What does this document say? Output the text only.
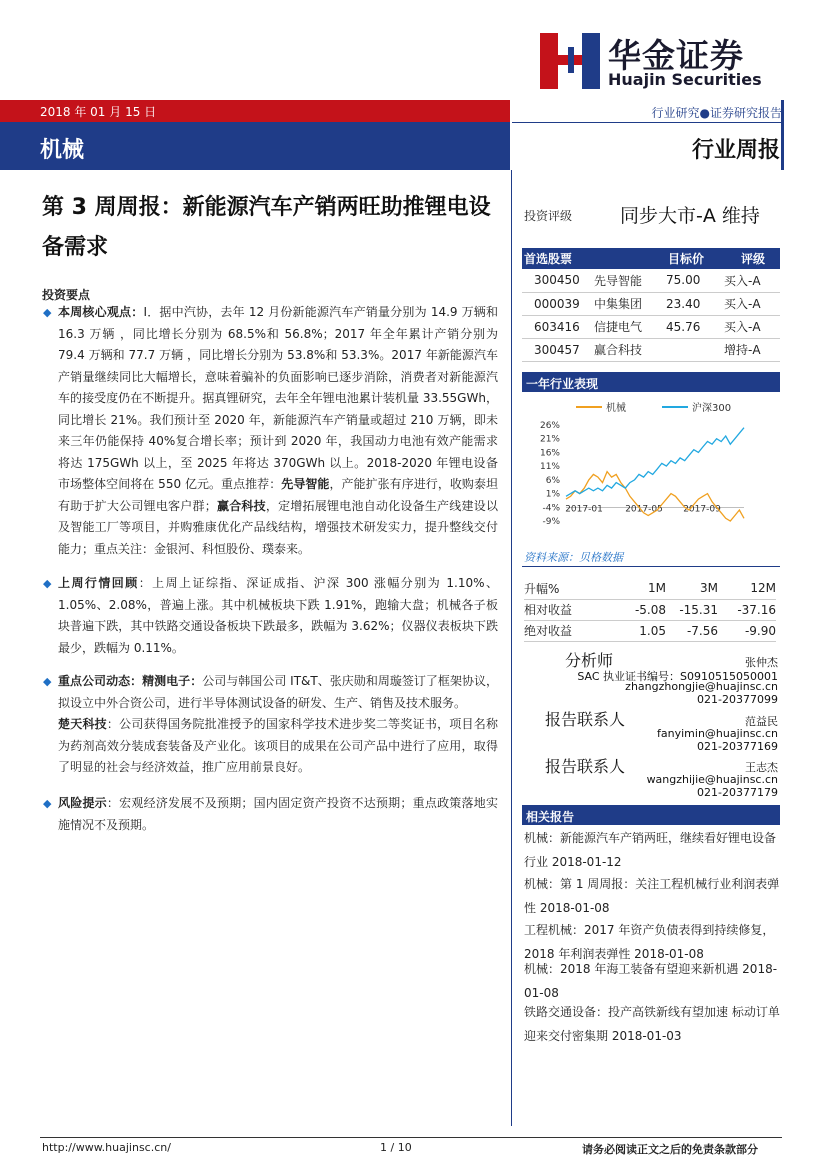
华金证券
Huajin Securities
2018 年 01 月 15 日
机械
行业研究●证券研究报告
行业周报
第 3 周周报：新能源汽车产销两旺助推锂电设备需求
投资要点
◆ 本周核心观点：I．据中汽协，去年 12 月份新能源汽车产销量分别为 14.9 万辆和 16.3 万辆 ，同比增长分别为 68.5%和 56.8%；2017 年全年累计产销分别为 79.4 万辆和 77.7 万辆 ，同比增长分别为 53.8%和 53.3%。2017 年新能源汽车产销量继续同比大幅增长，意味着骗补的负面影响已逐步消除，消费者对新能源汽车的接受度仍在不断提升。据真锂研究，去年全年锂电池累计装机量 33.55GWh，同比增长 21%。我们预计至 2020 年，新能源汽车产销量或超过 210 万辆，即未来三年仍能保持 40%复合增长率；预计到 2020 年，我国动力电池有效产能需求将达 175GWh 以上，至 2025 年将达 370GWh 以上。2018-2020 年锂电设备市场整体空间将在 550 亿元。重点推荐：先导智能，产能扩张有序进行，收购泰坦有助于扩大公司锂电客户群；赢合科技，定增拓展锂电池自动化设备生产线建设以及智能工厂等项目，并购雅康优化产品线结构，增强技术研发实力，提升整线交付能力；重点关注：金银河、科恒股份、璞泰来。
◆ 上周行情回顾：上周上证综指、深证成指、沪深 300 涨幅分别为 1.10%、1.05%、2.08%，普遍上涨。其中机械板块下跌 1.91%，跑输大盘；机械各子板块普遍下跌，其中铁路交通设备板块下跌最多，跌幅为 3.62%；仪器仪表板块下跌最少，跌幅为 0.11%。
◆ 重点公司动态：精测电子：公司与韩国公司 IT&T、张庆勋和周璇签订了框架协议，拟设立中外合资公司，进行半导体测试设备的研发、生产、销售及技术服务。
楚天科技：公司获得国务院批准授予的国家科学技术进步奖二等奖证书，项目名称为药剂高效分装成套装备及产业化。该项目的成果在公司产品中进行了应用，取得了明显的社会与经济效益，推广应用前景良好。
◆ 风险提示：宏观经济发展不及预期；国内固定资产投资不达预期；重点政策落地实施情况不及预期。
投资评级	同步大市-A 维持
首选股票		目标价	评级
300450	先导智能	75.00	买入-A
000039	中集集团	23.40	买入-A
603416	信捷电气	45.76	买入-A
300457	赢合科技		增持-A
一年行业表现
机械	沪深300
26%
21%
16%
11%
6%
1%
-4%
-9%
2017-01 2017-05 2017-09
资料来源：贝格数据
升幅%	1M	3M	12M
相对收益	-5.08	-15.31	-37.16
绝对收益	1.05	-7.56	-9.90
分析师	张仲杰
SAC 执业证书编号：S0910515050001
zhangzhongjie@huajinsc.cn
021-20377099
报告联系人	范益民
fanyimin@huajinsc.cn
021-20377169
报告联系人	王志杰
wangzhijie@huajinsc.cn
021-20377179
相关报告
机械：新能源汽车产销两旺，继续看好锂电设备行业 2018-01-12
机械：第 1 周周报：关注工程机械行业利润表弹性 2018-01-08
工程机械：2017 年资产负债表得到持续修复，2018 年利润表弹性 2018-01-08
机械：2018 年海工装备有望迎来新机遇 2018-01-08
铁路交通设备：投产高铁新线有望加速 标动订单迎来交付密集期 2018-01-03
http://www.huajinsc.cn/	1 / 10	请务必阅读正文之后的免责条款部分
